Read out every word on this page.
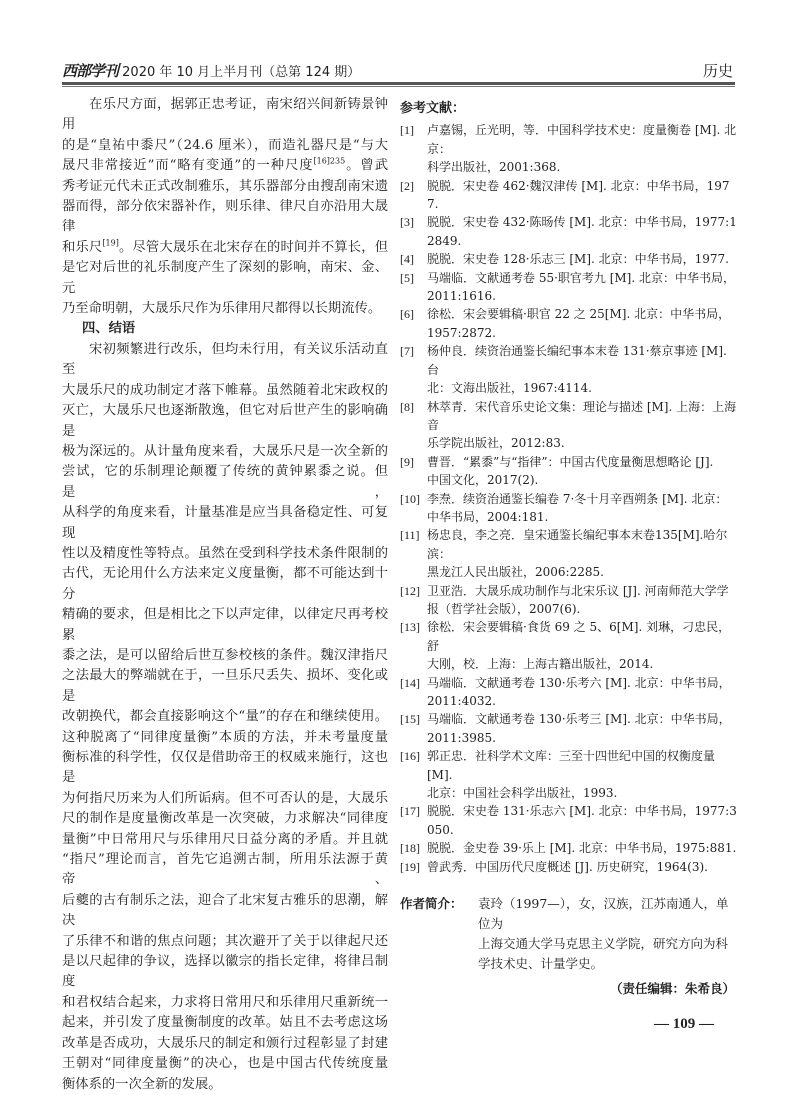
西部学刊 2020 年 10 月上半月刊（总第 124 期）	历史
在乐尺方面，据郭正忠考证，南宋绍兴间新铸景钟用
的是“皇祐中黍尺”（24.6 厘米），而造礼器尺是“与大
晟尺非常接近”而“略有变通”的一种尺度$^{[16]235}$。曾武
秀考证元代未正式改制雅乐，其乐器部分由搜刮南宋遗
器而得，部分依宋器补作，则乐律、律尺自亦沿用大晟律
和乐尺[19]。尽管大晟乐在北宋存在的时间并不算长，但
是它对后世的礼乐制度产生了深刻的影响，南宋、金、元
乃至命明朝，大晟乐尺作为乐律用尺都得以长期流传。
四、结语
宋初频繁进行改乐，但均未行用，有关议乐活动直至
大晟乐尺的成功制定才落下帷幕。虽然随着北宋政权的
灭亡，大晟乐尺也逐渐散逸，但它对后世产生的影响确是
极为深远的。从计量角度来看，大晟乐尺是一次全新的
尝试，它的乐制理论颠覆了传统的黄钟累黍之说。但是，
从科学的角度来看，计量基准是应当具备稳定性、可复现
性以及精度性等特点。虽然在受到科学技术条件限制的
古代，无论用什么方法来定义度量衡，都不可能达到十分
精确的要求，但是相比之下以声定律，以律定尺再考校累
黍之法，是可以留给后世互参校核的条件。魏汉津指尺
之法最大的弊端就在于，一旦乐尺丢失、损坏、变化或是
改朝换代，都会直接影响这个“量”的存在和继续使用。
这种脱离了“同律度量衡”本质的方法，并未考量度量
衡标准的科学性，仅仅是借助帝王的权威来施行，这也是
为何指尺历来为人们所诟病。但不可否认的是，大晟乐
尺的制作是度量衡改革是一次突破，力求解决“同律度
量衡”中日常用尺与乐律用尺日益分离的矛盾。并且就
“指尺”理论而言，首先它追溯古制，所用乐法源于黄帝、
后夔的古有制乐之法，迎合了北宋复古雅乐的思潮，解决
了乐律不和谐的焦点问题；其次避开了关于以律起尺还
是以尺起律的争议，选择以徽宗的指长定律，将律吕制度
和君权结合起来，力求将日常用尺和乐律用尺重新统一
起来，并引发了度量衡制度的改革。姑且不去考虑这场
改革是否成功，大晟乐尺的制定和颁行过程彰显了封建
王朝对“同律度量衡”的决心，也是中国古代传统度量
衡体系的一次全新的发展。
参考文献：
[1]	卢嘉锡，丘光明，等．中国科学技术史：度量衡卷 [M]. 北京：
科学出版社，2001:368.
[2]	脱脱．宋史卷 462·魏汉津传 [M]. 北京：中华书局，1977.
[3]	脱脱．宋史卷 432·陈旸传 [M]. 北京：中华书局，1977:12849.
[4]	脱脱．宋史卷 128·乐志三 [M]. 北京：中华书局，1977.
[5]	马端临．文献通考卷 55·职官考九 [M]. 北京：中华书局，
2011:1616.
[6]	徐松．宋会要辑稿·职官 22 之 25[M]. 北京：中华书局，
1957:2872.
[7]	杨仲良．续资治通鉴长编纪事本末卷 131·蔡京事迹 [M]. 台
北：文海出版社，1967:4114.
[8]	林萃青．宋代音乐史论文集：理论与描述 [M]. 上海：上海音
乐学院出版社，2012:83.
[9]	曹晋．“累黍”与“指律”：中国古代度量衡思想略论 [J].
中国文化，2017(2).
[10] 李焘．续资治通鉴长编卷 7·冬十月辛酉朔条 [M]. 北京：
中华书局，2004:181.
[11] 杨忠良，李之亮．皇宋通鉴长编纪事本末卷135[M].哈尔滨：
黑龙江人民出版社，2006:2285.
[12] 卫亚浩．大晟乐成功制作与北宋乐议 [J]. 河南师范大学学
报（哲学社会版），2007(6).
[13] 徐松．宋会要辑稿·食货 69 之 5、6[M]. 刘琳，刁忠民，舒
大刚，校．上海：上海古籍出版社，2014.
[14] 马端临．文献通考卷 130·乐考六 [M]. 北京：中华书局，
2011:4032.
[15] 马端临．文献通考卷 130·乐考三 [M]. 北京：中华书局，
2011:3985.
[16] 郭正忠．社科学术文库：三至十四世纪中国的权衡度量 [M].
北京：中国社会科学出版社，1993.
[17] 脱脱．宋史卷 131·乐志六 [M]. 北京：中华书局，1977:3050.
[18] 脱脱．金史卷 39·乐上 [M]. 北京：中华书局，1975:881.
[19] 曾武秀．中国历代尺度概述 [J]. 历史研究，1964(3).
作者简介：	袁玲（1997—），女，汉族，江苏南通人，单位为
上海交通大学马克思主义学院，研究方向为科
学技术史、计量学史。
（责任编辑：朱希良）
— 109 —
